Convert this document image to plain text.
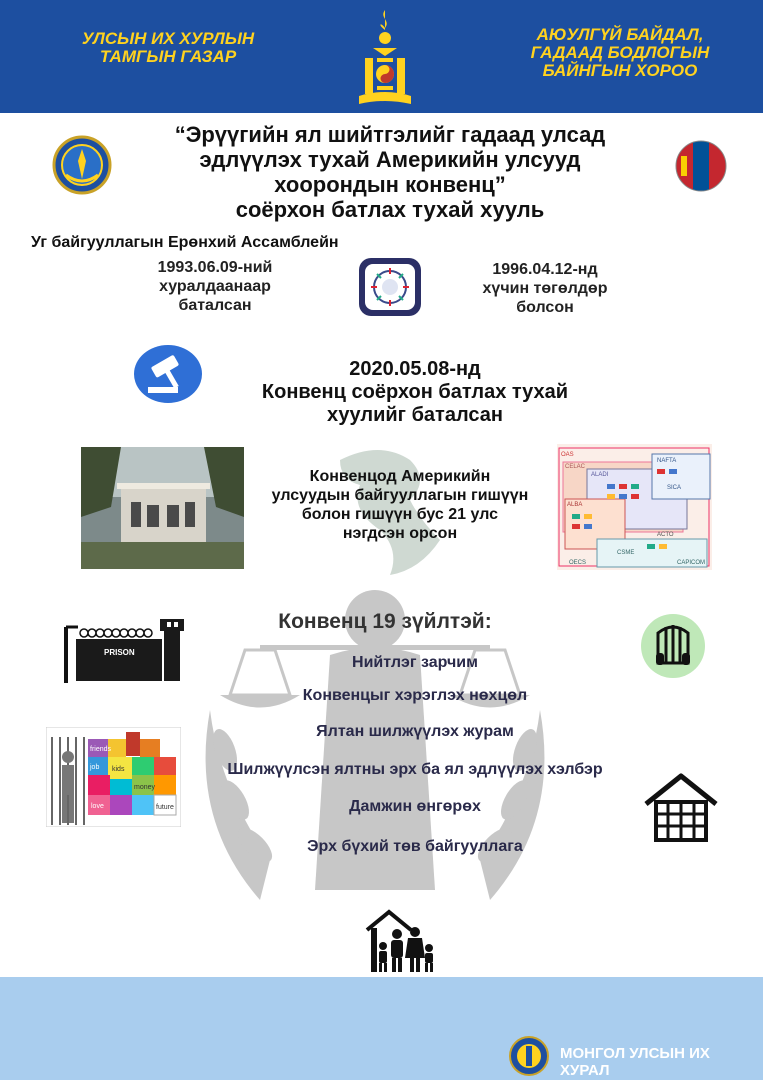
УЛСЫН ИХ ХУРЛЫН
ТАМГЫН ГАЗАР
АЮУЛГҮЙ БАЙДАЛ,
ГАДААД БОДЛОГЫН
БАЙНГЫН ХОРОО
“Эрүүгийн ял шийтгэлийг гадаад улсад
эдлүүлэх тухай Америкийн улсууд
хоорондын конвенц”
соёрхон батлах тухай хууль
Уг байгууллагын Ерөнхий Ассамблейн
1993.06.09-ний
хуралдаанаар
баталсан
1996.04.12-нд
хүчин төгөлдөр
болсон
2020.05.08-нд
Конвенц соёрхон батлах тухай
хуулийг баталсан
Конвенцод Америкийн
улсуудын байгууллагын гишүүн
болон гишүүн бус 21 улс
нэгдсэн орсон
OAS
CELAC
ALADI
ALBA
NAFTA
CSME
ACTO
CAPICOM
OECS
SICA
PRISON
Конвенц 19 зүйлтэй:
Нийтлэг зарчим
Конвенцыг хэрэглэх нөхцөл
Ялтан шилжүүлэх журам
Шилжүүлсэн ялтны эрх ба ял эдлүүлэх хэлбэр
Дамжин өнгөрөх
Эрх бүхий төв байгууллага
friends
kids
money
love	future
job
МОНГОЛ УЛСЫН ИХ ХУРАЛ
